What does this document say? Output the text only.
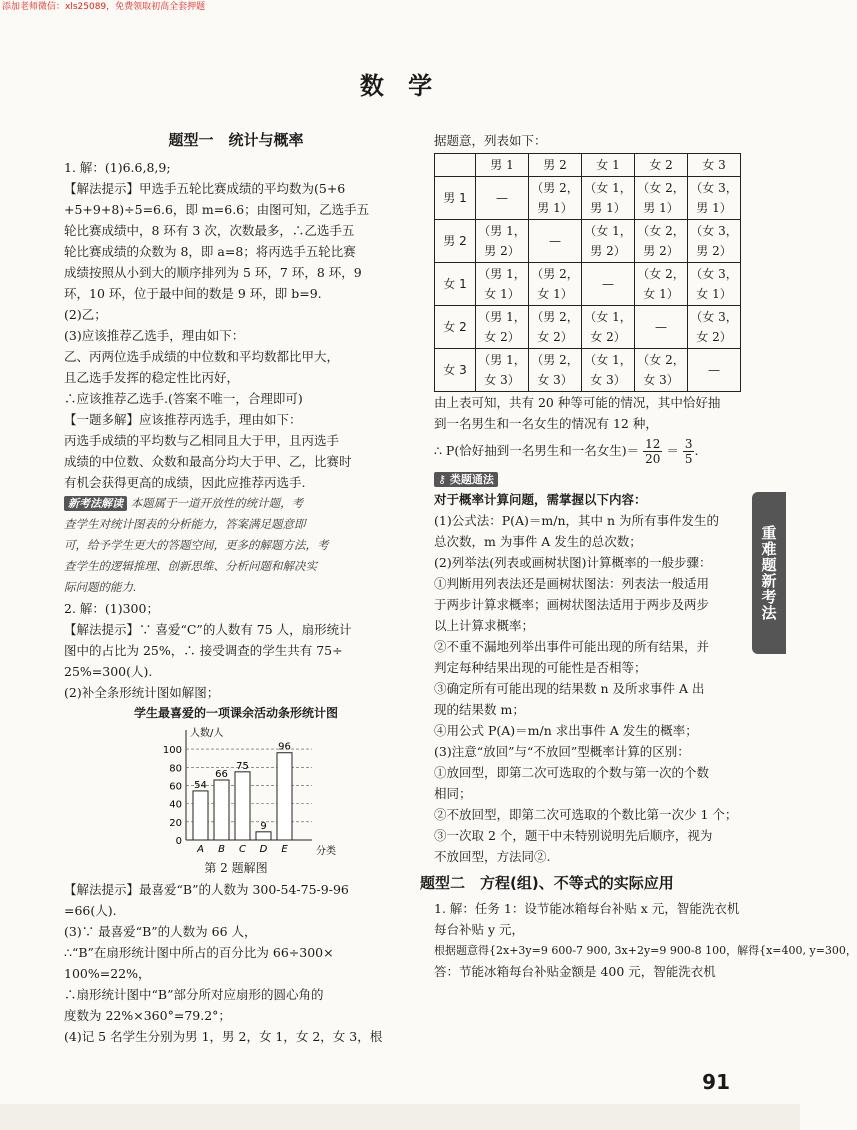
添加老师微信：xls25089，免费领取初高全套押题
数 学

题型一　统计与概率

1. 解：(1)6.6,8,9;

【解法提示】甲选手五轮比赛成绩的平均数为(5+6

+5+9+8)÷5=6.6，即 m=6.6；由图可知，乙选手五

轮比赛成绩中，8 环有 3 次，次数最多，∴乙选手五

轮比赛成绩的众数为 8，即 a=8；将丙选手五轮比赛

成绩按照从小到大的顺序排列为 5 环，7 环，8 环，9

环，10 环，位于最中间的数是 9 环，即 b=9.

(2)乙；

(3)应该推荐乙选手，理由如下：

乙、丙两位选手成绩的中位数和平均数都比甲大，

且乙选手发挥的稳定性比丙好，

∴应该推荐乙选手.(答案不唯一，合理即可)

【一题多解】应该推荐丙选手，理由如下：

丙选手成绩的平均数与乙相同且大于甲，且丙选手

成绩的中位数、众数和最高分均大于甲、乙，比赛时

有机会获得更高的成绩，因此应推荐丙选手.

新考法解读 本题属于一道开放性的统计题，考

查学生对统计图表的分析能力，答案满足题意即

可，给予学生更大的答题空间，更多的解题方法，考

查学生的逻辑推理、创新思维、分析问题和解决实

际问题的能力.

2. 解：(1)300；

【解法提示】∵ 喜爱“C”的人数有 75 人，扇形统计

图中的占比为 25%，∴ 接受调查的学生共有 75÷

25%=300(人).

(2)补全条形统计图如解图；

学生最喜爱的一项课余活动条形统计图

0
20
40
60
80
100
人数/人
分类
54
A
66
B
75
C
9
D
96
E

第 2 题解图

【解法提示】最喜爱“B”的人数为 300-54-75-9-96

=66(人).

(3)∵ 最喜爱“B”的人数为 66 人，

∴“B”在扇形统计图中所占的百分比为 66÷300×

100%=22%，

∴扇形统计图中“B”部分所对应扇形的圆心角的

度数为 22%×360°=79.2°；

(4)记 5 名学生分别为男 1，男 2，女 1，女 2，女 3，根

据题意，列表如下：

	男 1	男 2	女 1	女 2	女 3
男 1	—	（男 2，男 1）	（女 1，男 1）	（女 2，男 1）	（女 3，男 1）
男 2	（男 1，男 2）	—	（女 1，男 2）	（女 2，男 2）	（女 3，男 2）
女 1	（男 1，女 1）	（男 2，女 1）	—	（女 2，女 1）	（女 3，女 1）
女 2	（男 1，女 2）	（男 2，女 2）	（女 1，女 2）	—	（女 3，女 2）
女 3	（男 1，女 3）	（男 2，女 3）	（女 1，女 3）	（女 2，女 3）	—

由上表可知，共有 20 种等可能的情况，其中恰好抽

到一名男生和一名女生的情况有 12 种，

∴ P(恰好抽到一名男生和一名女生)＝ $\frac{12}{20} = \frac{3}{5}$ .

⚷ 类题通法

对于概率计算问题，需掌握以下内容：

(1)公式法：P(A)＝m/n，其中 n 为所有事件发生的

总次数，m 为事件 A 发生的总次数；

(2)列举法(列表或画树状图)计算概率的一般步骤：

①判断用列表法还是画树状图法：列表法一般适用

于两步计算求概率；画树状图法适用于两步及两步

以上计算求概率；

②不重不漏地列举出事件可能出现的所有结果，并

判定每种结果出现的可能性是否相等；

③确定所有可能出现的结果数 n 及所求事件 A 出

现的结果数 m；

④用公式 P(A)＝m/n 求出事件 A 发生的概率；

(3)注意“放回”与“不放回”型概率计算的区别：

①放回型，即第二次可选取的个数与第一次的个数

相同；

②不放回型，即第二次可选取的个数比第一次少 1 个；

③一次取 2 个，题干中未特别说明先后顺序，视为

不放回型，方法同②.

题型二　方程(组)、不等式的实际应用

1. 解：任务 1：设节能冰箱每台补贴 x 元，智能洗衣机

每台补贴 y 元，

根据题意得{2x+3y=9 600-7 900, 3x+2y=9 900-8 100，解得{x=400, y=300，

答：节能冰箱每台补贴金额是 400 元，智能洗衣机

重难题新考法
91
